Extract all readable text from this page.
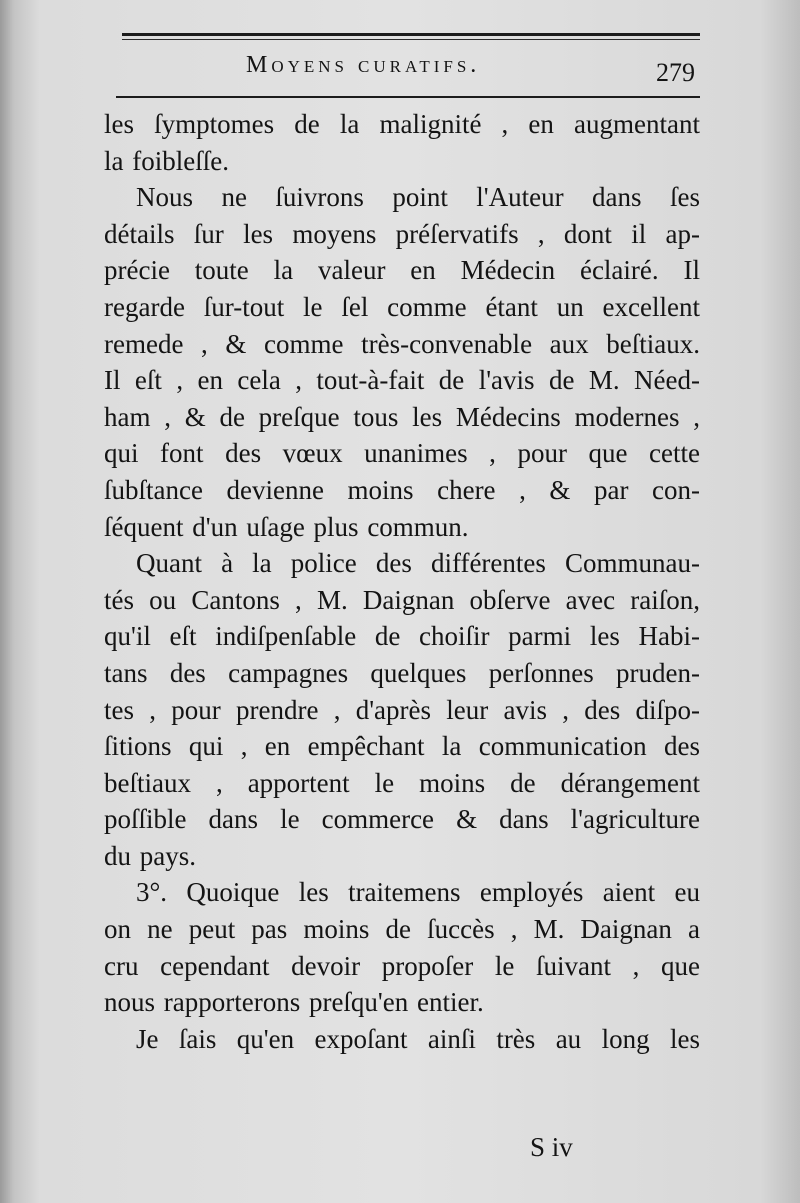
Moyens curatifs.	279
les ſymptomes de la malignité , en augmentant
la foibleſſe.
Nous ne ſuivrons point l'Auteur dans ſes
détails ſur les moyens préſervatifs , dont il ap-
précie toute la valeur en Médecin éclairé. Il
regarde ſur-tout le ſel comme étant un excellent
remede , & comme très-convenable aux beſtiaux.
Il eſt , en cela , tout-à-fait de l'avis de M. Néed-
ham , & de preſque tous les Médecins modernes ,
qui font des vœux unanimes , pour que cette
ſubſtance devienne moins chere , & par con-
ſéquent d'un uſage plus commun.
Quant à la police des différentes Communau-
tés ou Cantons , M. Daignan obſerve avec raiſon,
qu'il eſt indiſpenſable de choiſir parmi les Habi-
tans des campagnes quelques perſonnes pruden-
tes , pour prendre , d'après leur avis , des diſpo-
ſitions qui , en empêchant la communication des
beſtiaux , apportent le moins de dérangement
poſſible dans le commerce & dans l'agriculture
du pays.
3°. Quoique les traitemens employés aient eu
on ne peut pas moins de ſuccès , M. Daignan a
cru cependant devoir propoſer le ſuivant , que
nous rapporterons preſqu'en entier.
Je ſais qu'en expoſant ainſi très au long les
S iv
